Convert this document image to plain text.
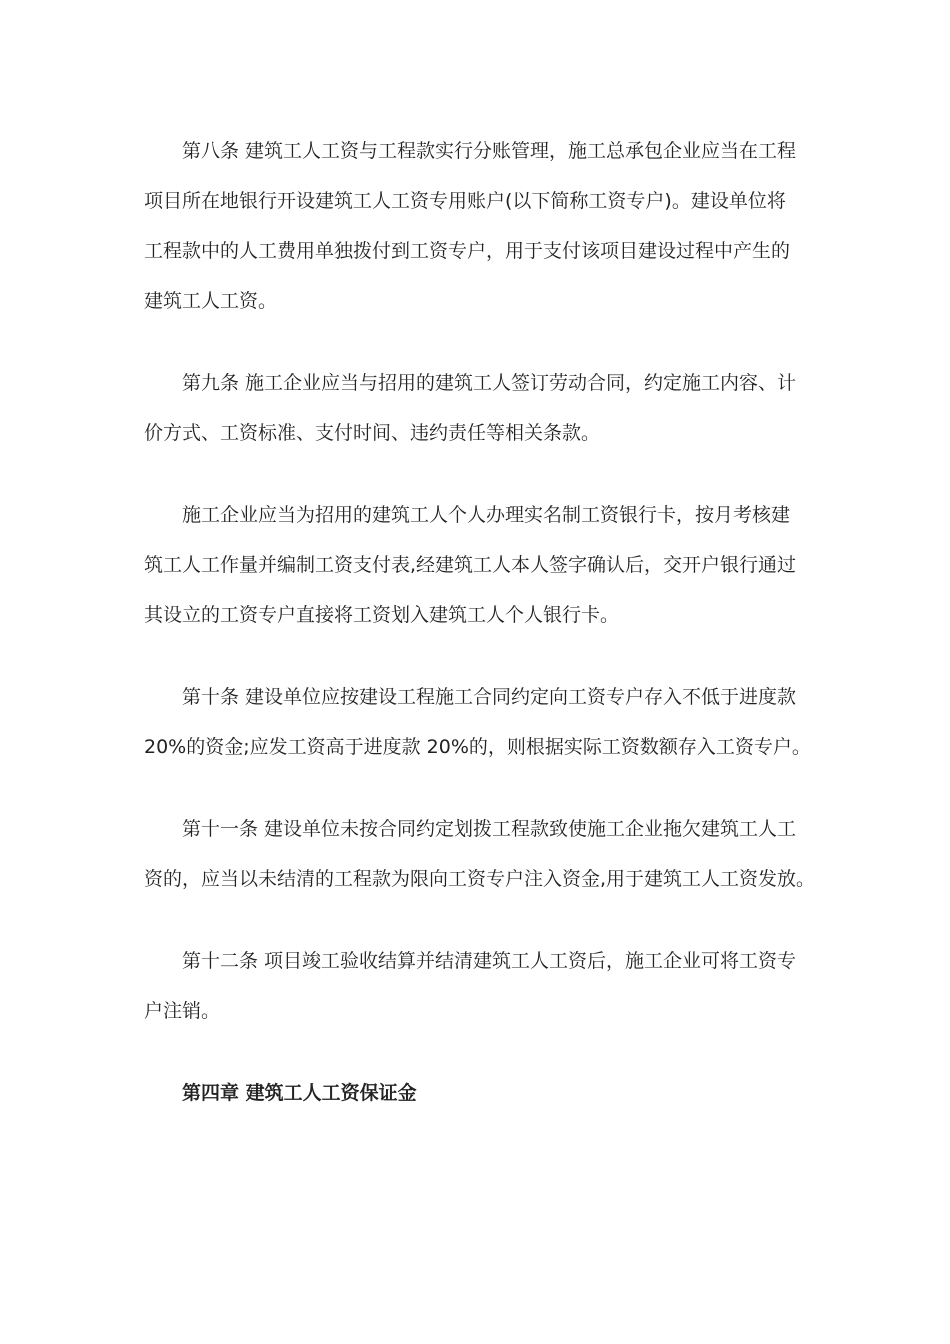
第八条 建筑工人工资与工程款实行分账管理，施工总承包企业应当在工程
项目所在地银行开设建筑工人工资专用账户(以下简称工资专户)。建设单位将
工程款中的人工费用单独拨付到工资专户，用于支付该项目建设过程中产生的
建筑工人工资。

第九条 施工企业应当与招用的建筑工人签订劳动合同，约定施工内容、计
价方式、工资标准、支付时间、违约责任等相关条款。

施工企业应当为招用的建筑工人个人办理实名制工资银行卡，按月考核建
筑工人工作量并编制工资支付表,经建筑工人本人签字确认后，交开户银行通过
其设立的工资专户直接将工资划入建筑工人个人银行卡。

第十条 建设单位应按建设工程施工合同约定向工资专户存入不低于进度款
20%的资金;应发工资高于进度款 20%的，则根据实际工资数额存入工资专户。

第十一条 建设单位未按合同约定划拨工程款致使施工企业拖欠建筑工人工
资的，应当以未结清的工程款为限向工资专户注入资金,用于建筑工人工资发放。

第十二条 项目竣工验收结算并结清建筑工人工资后，施工企业可将工资专
户注销。

第四章 建筑工人工资保证金
